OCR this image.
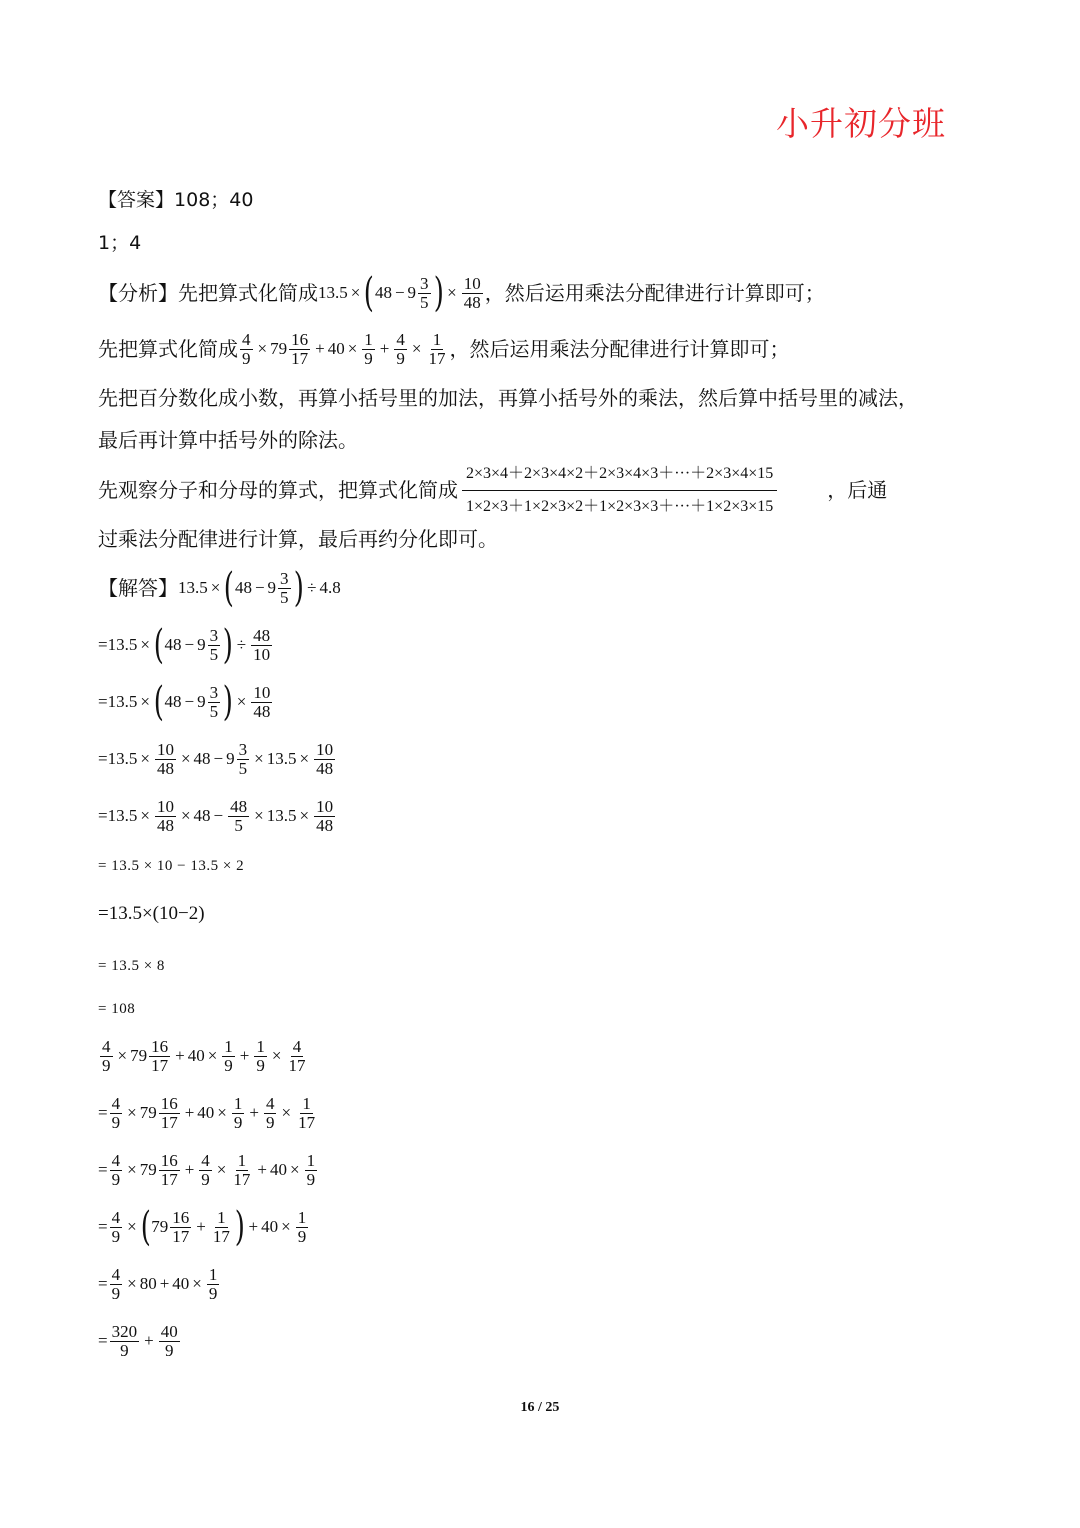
小升初分班
【答案】108；40
1；4
【分析】 先把算式化简成 13.5 × ( $48 - 9 \frac{3}{5}$ ) × $\frac{10}{48}$ ，然后运用乘法分配律进行计算即可；
先把算式化简成 $\frac{4}{9} \times 79 \frac{16}{17} + 40 \times \frac{1}{9} + \frac{4}{9} \times \frac{1}{17}$ ，然后运用乘法分配律进行计算即可；
先把百分数化成小数，再算小括号里的加法，再算小括号外的乘法，然后算中括号里的减法，
最后再计算中括号外的除法。
先观察分子和分母的算式，把算式化简成 $\frac{2\times 3\times 4+2\times 3\times 4\times 2+2\times 3\times 4\times 3+\cdot\cdot\cdot+2\times 3\times 4\times 15}{1\times 2\times 3+1\times 2\times 3\times 2+1\times 2\times 3\times 3+\cdot\cdot\cdot+1\times 2\times 3\times 15}$	，后通
过乘法分配律进行计算，最后再约分化即可。
【解答】 13.5 × ( $48 - 9 \frac{3}{5}$ ) ÷ 4.8
=13.5 × ( $48 - 9 \frac{3}{5}$ ) ÷ $\frac{48}{10}$
=13.5 × ( $48 - 9 \frac{3}{5}$ ) × $\frac{10}{48}$
$=13.5 \times \frac{10}{48} \times 48 - 9 \frac{3}{5} \times 13.5 \times \frac{10}{48}$
$=13.5 \times \frac{10}{48} \times 48 - \frac{48}{5} \times 13.5 \times \frac{10}{48}$
= 13.5 × 10 − 13.5 × 2
=13.5×(10−2)
= 13.5 × 8
= 108
$\frac{4}{9} \times 79 \frac{16}{17} + 40 \times \frac{1}{9} + \frac{1}{9} \times \frac{4}{17}$
= $\frac{4}{9} \times 79 \frac{16}{17} + 40 \times \frac{1}{9} + \frac{4}{9} \times \frac{1}{17}$
= $\frac{4}{9} \times 79 \frac{16}{17} + \frac{4}{9} \times \frac{1}{17} + 40 \times \frac{1}{9}$
= $\frac{4}{9}$ × ( $79 \frac{16}{17} + \frac{1}{17}$ ) + $40 \times \frac{1}{9}$
= $\frac{4}{9} \times 80 + 40 \times \frac{1}{9}$
= $\frac{320}{9} + \frac{40}{9}$
16 / 25
